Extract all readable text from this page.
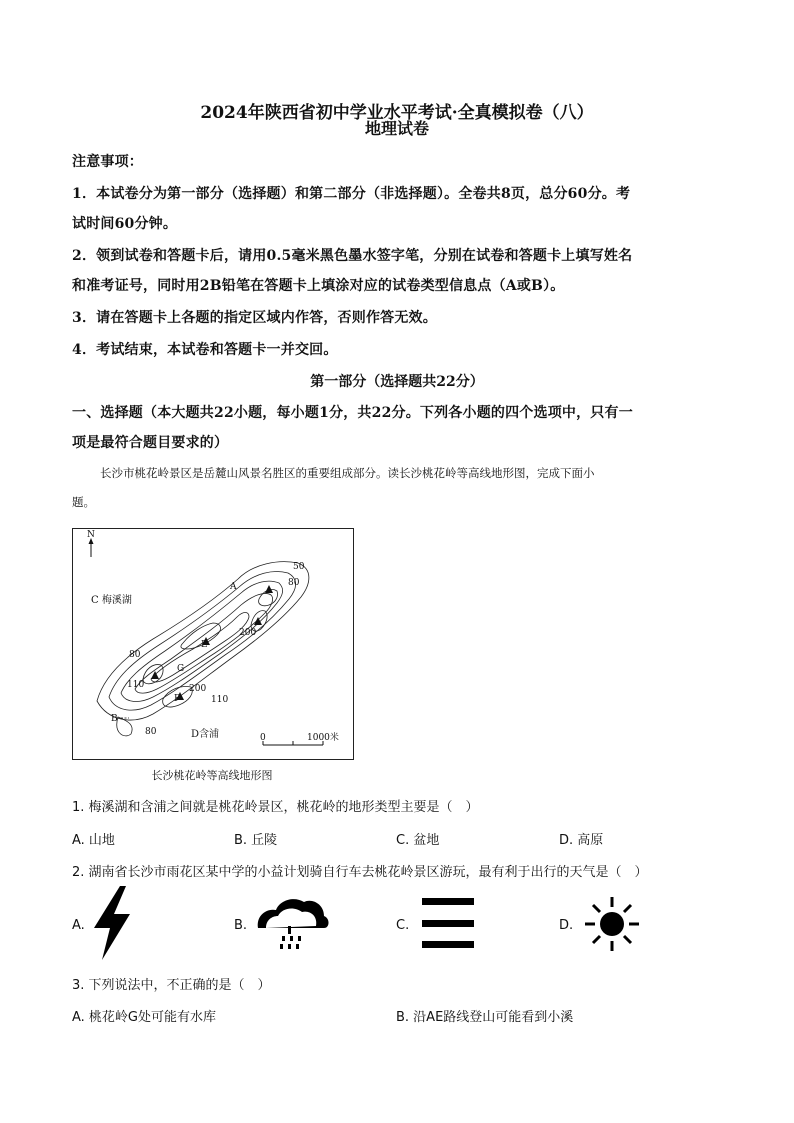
2024年陕西省初中学业水平考试·全真模拟卷（八）
地理试卷
注意事项：
1．本试卷分为第一部分（选择题）和第二部分（非选择题）。全卷共8页，总分60分。考
试时间60分钟。
2．领到试卷和答题卡后，请用0.5毫米黑色墨水签字笔，分别在试卷和答题卡上填写姓名
和准考证号，同时用2B铅笔在答题卡上填涂对应的试卷类型信息点（A或B）。
3．请在答题卡上各题的指定区域内作答，否则作答无效。
4．考试结束，本试卷和答题卡一并交回。
第一部分（选择题共22分）
一、选择题（本大题共22小题，每小题1分，共22分。下列各小题的四个选项中，只有一
项是最符合题目要求的）
长沙市桃花岭景区是岳麓山风景名胜区的重要组成部分。读长沙桃花岭等高线地形图，完成下面小
题。
N
C 梅溪湖
D含浦
A
B
E
F
G
50
80
200
80
110	200
110
80
0	1000米
长沙桃花岭等高线地形图
1. 梅溪湖和含浦之间就是桃花岭景区，桃花岭的地形类型主要是（　）
A. 山地	B. 丘陵	C. 盆地	D. 高原
2. 湖南省长沙市雨花区某中学的小益计划骑自行车去桃花岭景区游玩，最有利于出行的天气是（　）
A.	B.	C.	D.
3. 下列说法中，不正确的是（　）
A. 桃花岭G处可能有水库	B. 沿AE路线登山可能看到小溪
